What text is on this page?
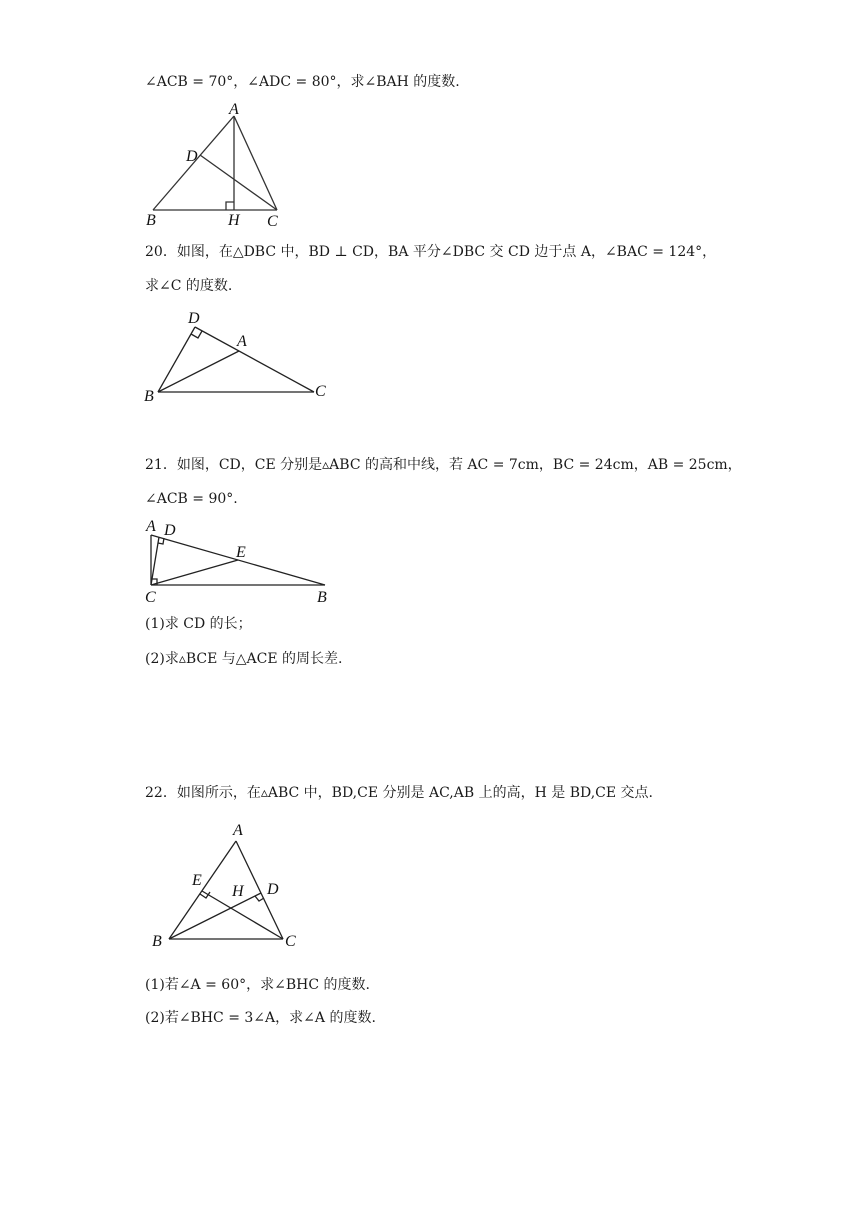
∠ACB = 70°，∠ADC = 80°，求∠BAH 的度数.
A
D
B	H C
20．如图，在△DBC 中，BD ⊥ CD，BA 平分∠DBC 交 CD 边于点 A，∠BAC = 124°，
求∠C 的度数.
D
A
B	C
21．如图，CD，CE 分别是▵ABC 的高和中线，若 AC = 7cm，BC = 24cm，AB = 25cm，
∠ACB = 90°.
A D
E
C	B
(1)求 CD 的长；
(2)求▵BCE 与△ACE 的周长差.
22．如图所示，在▵ABC 中，BD,CE 分别是 AC,AB 上的高，H 是 BD,CE 交点.
A
E
H D
B	C
(1)若∠A = 60°，求∠BHC 的度数.
(2)若∠BHC = 3∠A，求∠A 的度数.
